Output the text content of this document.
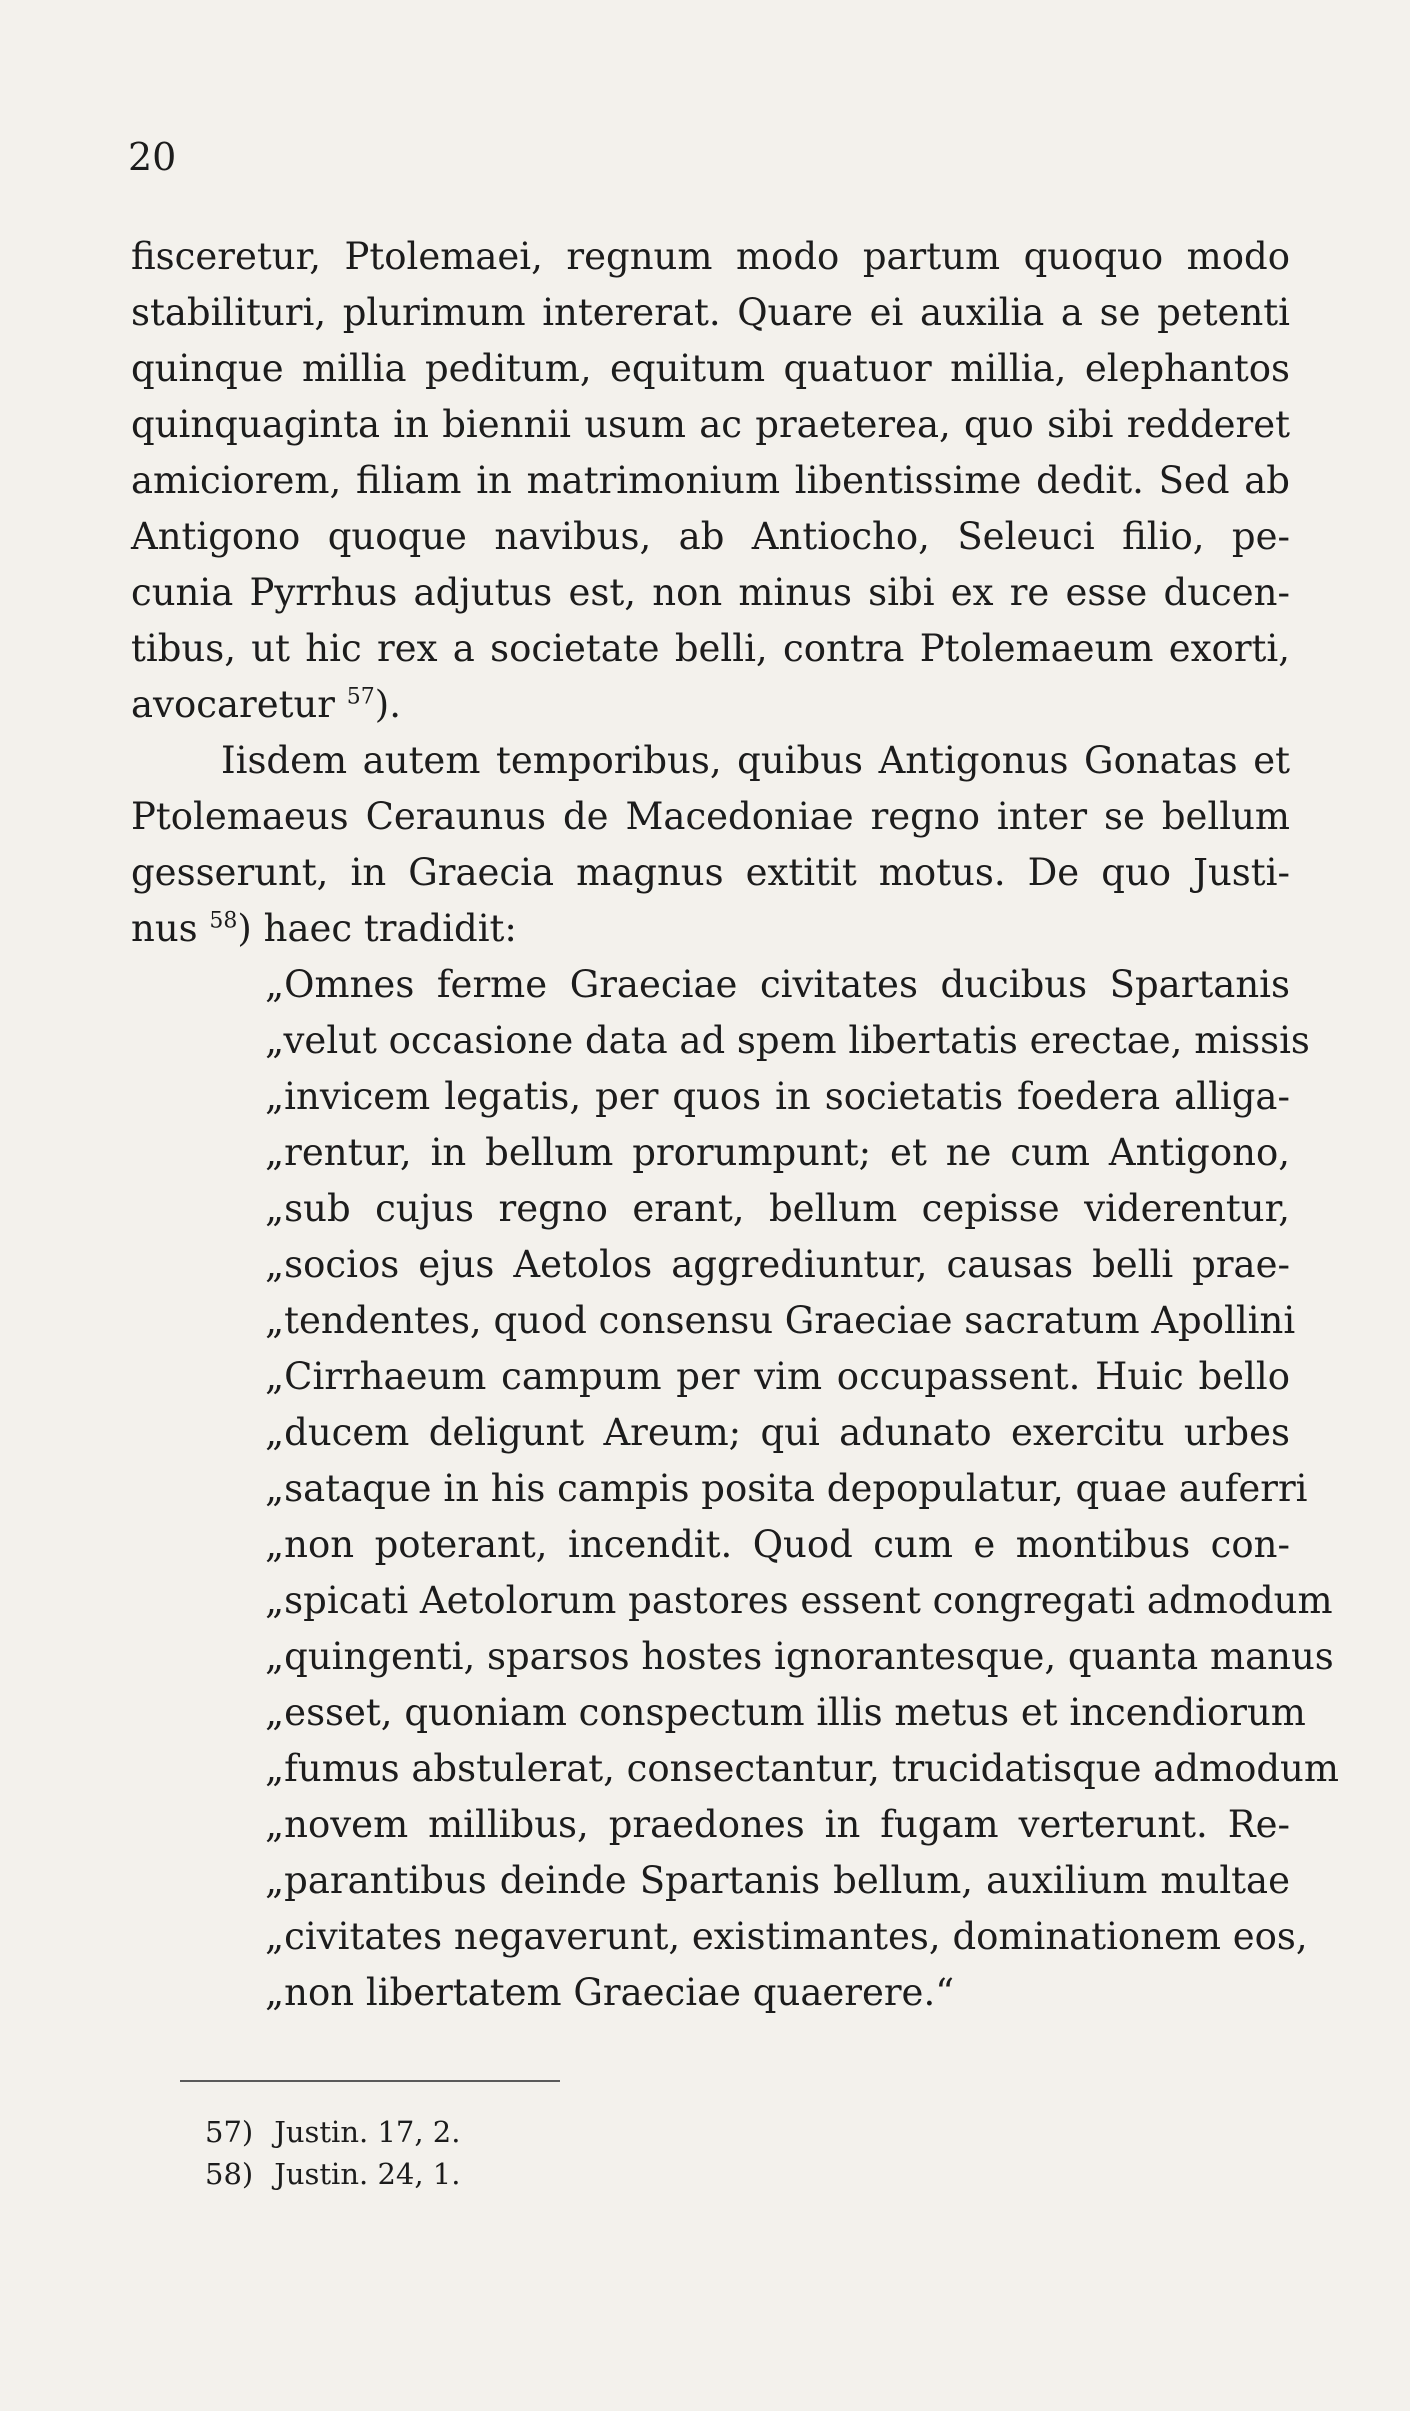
20
fisceretur, Ptolemaei, regnum modo partum quoquo modo
stabilituri, plurimum intererat. Quare ei auxilia a se petenti
quinque millia peditum, equitum quatuor millia, elephantos
quinquaginta in biennii usum ac praeterea, quo sibi redderet
amiciorem, filiam in matrimonium libentissime dedit. Sed ab
Antigono quoque navibus, ab Antiocho, Seleuci filio, pe-
cunia Pyrrhus adjutus est, non minus sibi ex re esse ducen-
tibus, ut hic rex a societate belli, contra Ptolemaeum exorti,
avocaretur $^{57}$).
Iisdem autem temporibus, quibus Antigonus Gonatas et
Ptolemaeus Ceraunus de Macedoniae regno inter se bellum
gesserunt, in Graecia magnus extitit motus. De quo Justi-
nus $^{58}$) haec tradidit:
„Omnes ferme Graeciae civitates ducibus Spartanis
„velut occasione data ad spem libertatis erectae, missis
„invicem legatis, per quos in societatis foedera alliga-
„rentur, in bellum prorumpunt; et ne cum Antigono,
„sub cujus regno erant, bellum cepisse viderentur,
„socios ejus Aetolos aggrediuntur, causas belli prae-
„tendentes, quod consensu Graeciae sacratum Apollini
„Cirrhaeum campum per vim occupassent. Huic bello
„ducem deligunt Areum; qui adunato exercitu urbes
„sataque in his campis posita depopulatur, quae auferri
„non poterant, incendit. Quod cum e montibus con-
„spicati Aetolorum pastores essent congregati admodum
„quingenti, sparsos hostes ignorantesque, quanta manus
„esset, quoniam conspectum illis metus et incendiorum
„fumus abstulerat, consectantur, trucidatisque admodum
„novem millibus, praedones in fugam verterunt. Re-
„parantibus deinde Spartanis bellum, auxilium multae
„civitates negaverunt, existimantes, dominationem eos,
„non libertatem Graeciae quaerere.“
57) Justin. 17, 2.
58) Justin. 24, 1.
